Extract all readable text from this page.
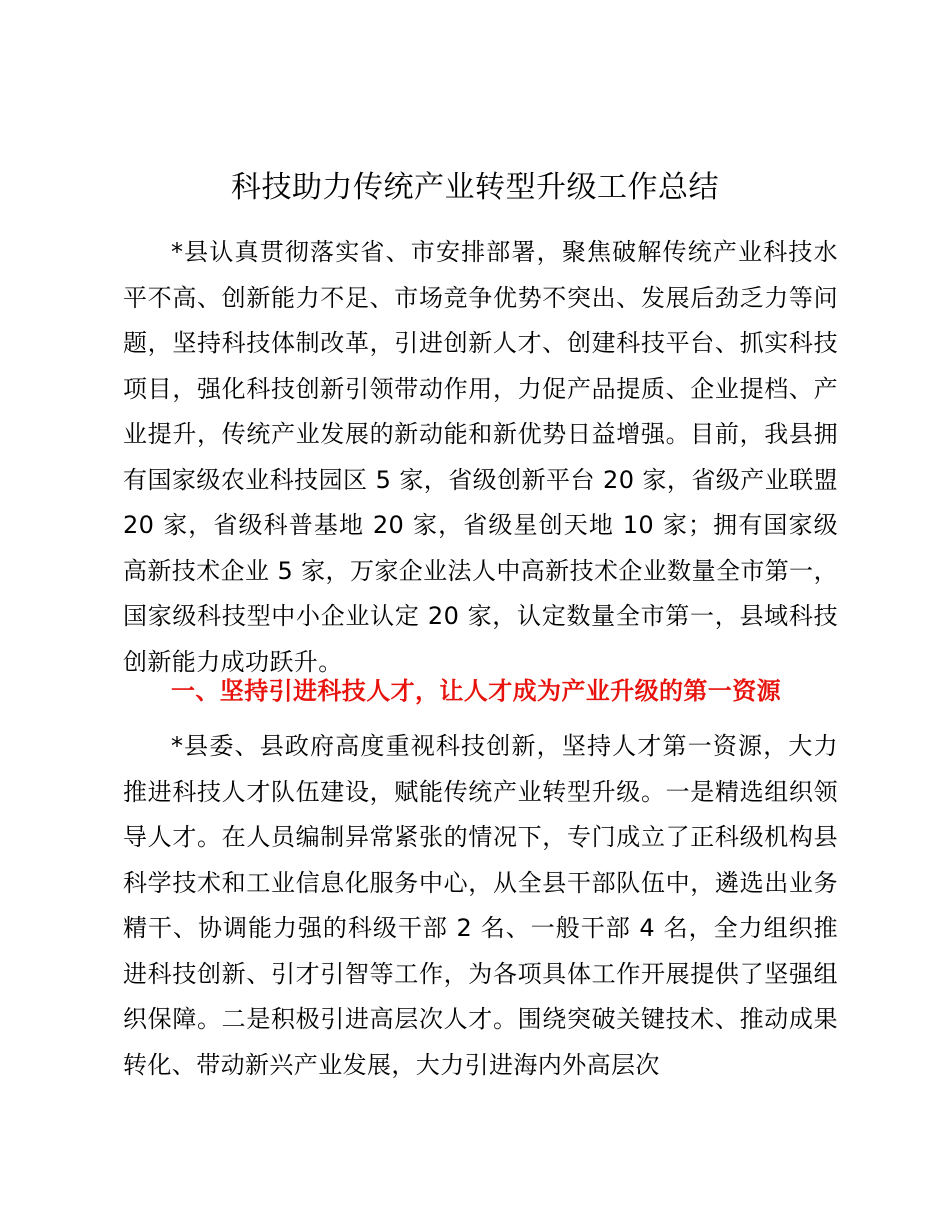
科技助力传统产业转型升级工作总结

*县认真贯彻落实省、市安排部署，聚焦破解传统产业科技水平不高、创新能力不足、市场竞争优势不突出、发展后劲乏力等问题，坚持科技体制改革，引进创新人才、创建科技平台、抓实科技项目，强化科技创新引领带动作用，力促产品提质、企业提档、产业提升，传统产业发展的新动能和新优势日益增强。目前，我县拥有国家级农业科技园区 5 家，省级创新平台 20 家，省级产业联盟 20 家，省级科普基地 20 家，省级星创天地 10 家；拥有国家级高新技术企业 5 家，万家企业法人中高新技术企业数量全市第一，国家级科技型中小企业认定 20 家，认定数量全市第一，县域科技创新能力成功跃升。

一、坚持引进科技人才，让人才成为产业升级的第一资源

*县委、县政府高度重视科技创新，坚持人才第一资源，大力推进科技人才队伍建设，赋能传统产业转型升级。一是精选组织领导人才。在人员编制异常紧张的情况下，专门成立了正科级机构县科学技术和工业信息化服务中心，从全县干部队伍中，遴选出业务精干、协调能力强的科级干部 2 名、一般干部 4 名，全力组织推进科技创新、引才引智等工作，为各项具体工作开展提供了坚强组织保障。二是积极引进高层次人才。围绕突破关键技术、推动成果转化、带动新兴产业发展，大力引进海内外高层次
